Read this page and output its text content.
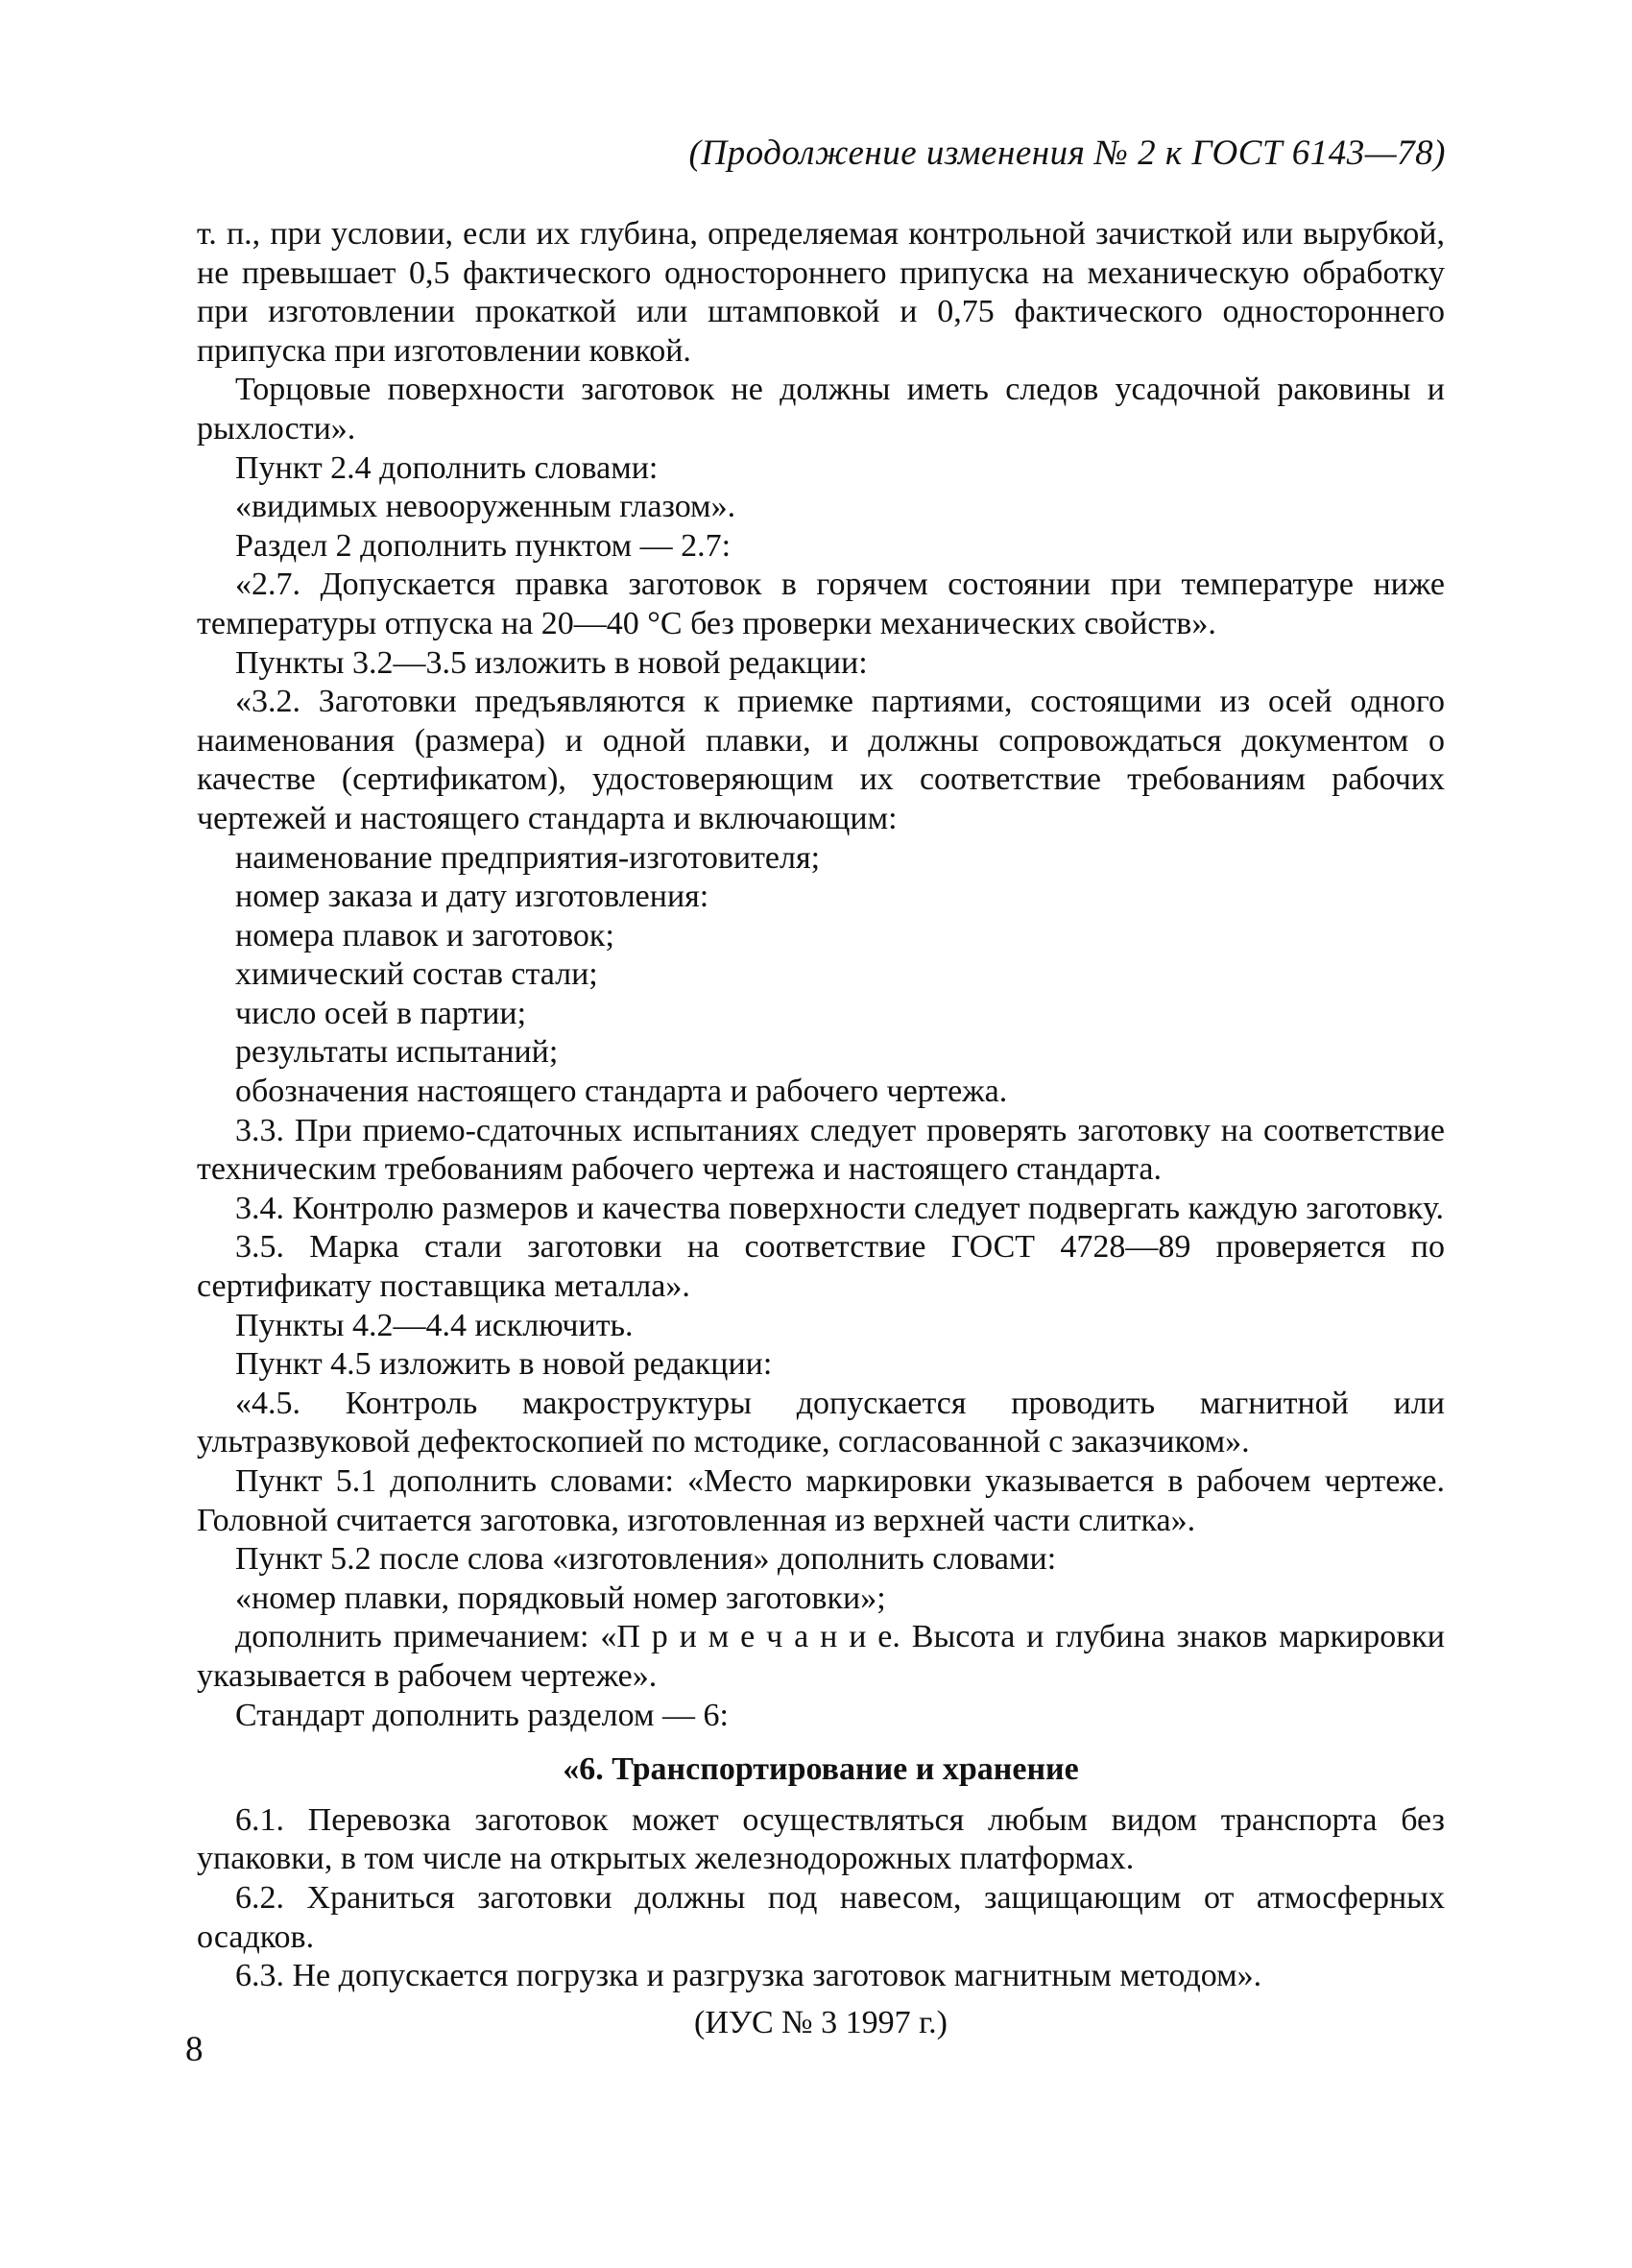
(Продолжение изменения № 2 к ГОСТ 6143—78)

т. п., при условии, если их глубина, определяемая контрольной зачисткой или вырубкой, не превышает 0,5 фактического одностороннего припуска на механическую обработку при изготовлении прокаткой или штамповкой и 0,75 фактического одностороннего припуска при изготовлении ковкой.

Торцовые поверхности заготовок не должны иметь следов усадочной раковины и рыхлости».

Пункт 2.4 дополнить словами:

«видимых невооруженным глазом».

Раздел 2 дополнить пунктом — 2.7:

«2.7. Допускается правка заготовок в горячем состоянии при температуре ниже температуры отпуска на 20—40 °С без проверки механических свойств».

Пункты 3.2—3.5 изложить в новой редакции:

«3.2. Заготовки предъявляются к приемке партиями, состоящими из осей одного наименования (размера) и одной плавки, и должны сопровождаться документом о качестве (сертификатом), удостоверяющим их соответствие требованиям рабочих чертежей и настоящего стандарта и включающим:

наименование предприятия-изготовителя;

номер заказа и дату изготовления:

номера плавок и заготовок;

химический состав стали;

число осей в партии;

результаты испытаний;

обозначения настоящего стандарта и рабочего чертежа.

3.3. При приемо-сдаточных испытаниях следует проверять заготовку на соответствие техническим требованиям рабочего чертежа и настоящего стандарта.

3.4. Контролю размеров и качества поверхности следует подвергать каждую заготовку.

3.5. Марка стали заготовки на соответствие ГОСТ 4728—89 проверяется по сертификату поставщика металла».

Пункты 4.2—4.4 исключить.

Пункт 4.5 изложить в новой редакции:

«4.5. Контроль макроструктуры допускается проводить магнитной или ультразвуковой дефектоскопией по мстодике, согласованной с заказчиком».

Пункт 5.1 дополнить словами: «Место маркировки указывается в рабочем чертеже. Головной считается заготовка, изготовленная из верхней части слитка».

Пункт 5.2 после слова «изготовления» дополнить словами:

«номер плавки, порядковый номер заготовки»;

дополнить примечанием: «П р и м е ч а н и е. Высота и глубина знаков маркировки указывается в рабочем чертеже».

Стандарт дополнить разделом — 6:

«6. Транспортирование и хранение

6.1. Перевозка заготовок может осуществляться любым видом транспорта без упаковки, в том числе на открытых железнодорожных платформах.

6.2. Храниться заготовки должны под навесом, защищающим от атмосферных осадков.

6.3. Не допускается погрузка и разгрузка заготовок магнитным методом».

(ИУС № 3 1997 г.)

8
